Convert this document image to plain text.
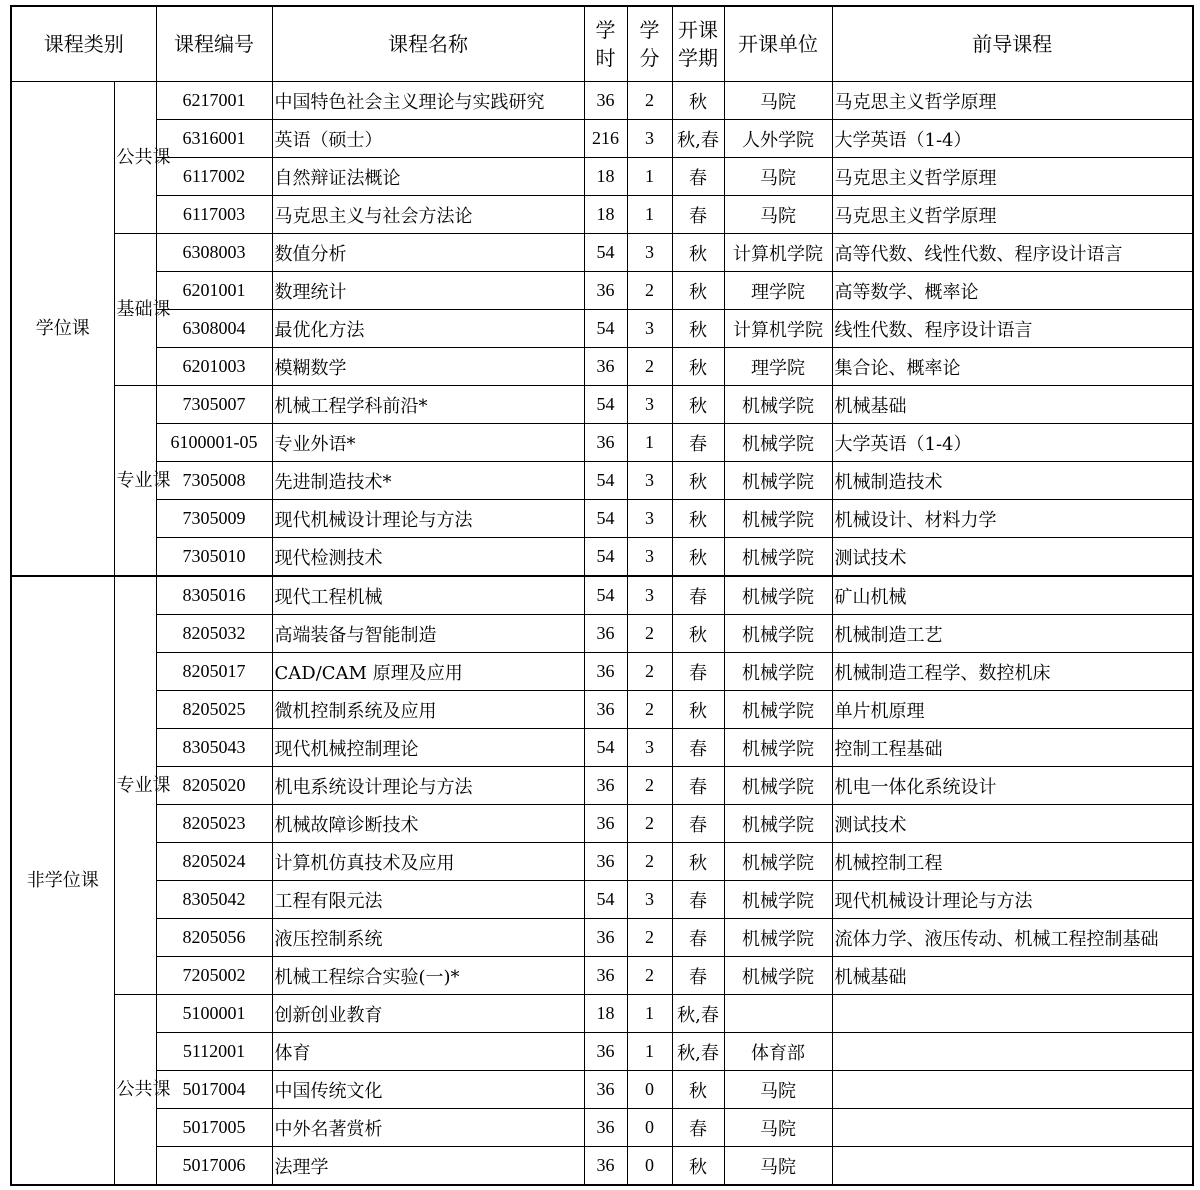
课程类别		课程编号	课程名称	学时	学分	开课学期	开课单位	前导课程
学位课	公共课	6217001	中国特色社会主义理论与实践研究	36	2	秋	马院	马克思主义哲学原理
		6316001	英语（硕士）	216	3	秋,春	人外学院	大学英语（1-4）
		6117002	自然辩证法概论	18	1	春	马院	马克思主义哲学原理
		6117003	马克思主义与社会方法论	18	1	春	马院	马克思主义哲学原理
	基础课	6308003	数值分析	54	3	秋	计算机学院	高等代数、线性代数、程序设计语言
		6201001	数理统计	36	2	秋	理学院	高等数学、概率论
		6308004	最优化方法	54	3	秋	计算机学院	线性代数、程序设计语言
		6201003	模糊数学	36	2	秋	理学院	集合论、概率论
	专业课	7305007	机械工程学科前沿*	54	3	秋	机械学院	机械基础
		6100001-05	专业外语*	36	1	春	机械学院	大学英语（1-4）
		7305008	先进制造技术*	54	3	秋	机械学院	机械制造技术
		7305009	现代机械设计理论与方法	54	3	秋	机械学院	机械设计、材料力学
		7305010	现代检测技术	54	3	秋	机械学院	测试技术
非学位课	专业课	8305016	现代工程机械	54	3	春	机械学院	矿山机械
		8205032	高端装备与智能制造	36	2	秋	机械学院	机械制造工艺
		8205017	CAD/CAM 原理及应用	36	2	春	机械学院	机械制造工程学、数控机床
		8205025	微机控制系统及应用	36	2	秋	机械学院	单片机原理
		8305043	现代机械控制理论	54	3	春	机械学院	控制工程基础
		8205020	机电系统设计理论与方法	36	2	春	机械学院	机电一体化系统设计
		8205023	机械故障诊断技术	36	2	春	机械学院	测试技术
		8205024	计算机仿真技术及应用	36	2	秋	机械学院	机械控制工程
		8305042	工程有限元法	54	3	春	机械学院	现代机械设计理论与方法
		8205056	液压控制系统	36	2	春	机械学院	流体力学、液压传动、机械工程控制基础
		7205002	机械工程综合实验(一)*	36	2	春	机械学院	机械基础
	公共课	5100001	创新创业教育	18	1	秋,春		
		5112001	体育	36	1	秋,春	体育部	
		5017004	中国传统文化	36	0	秋	马院	
		5017005	中外名著赏析	36	0	春	马院	
		5017006	法理学	36	0	秋	马院	
